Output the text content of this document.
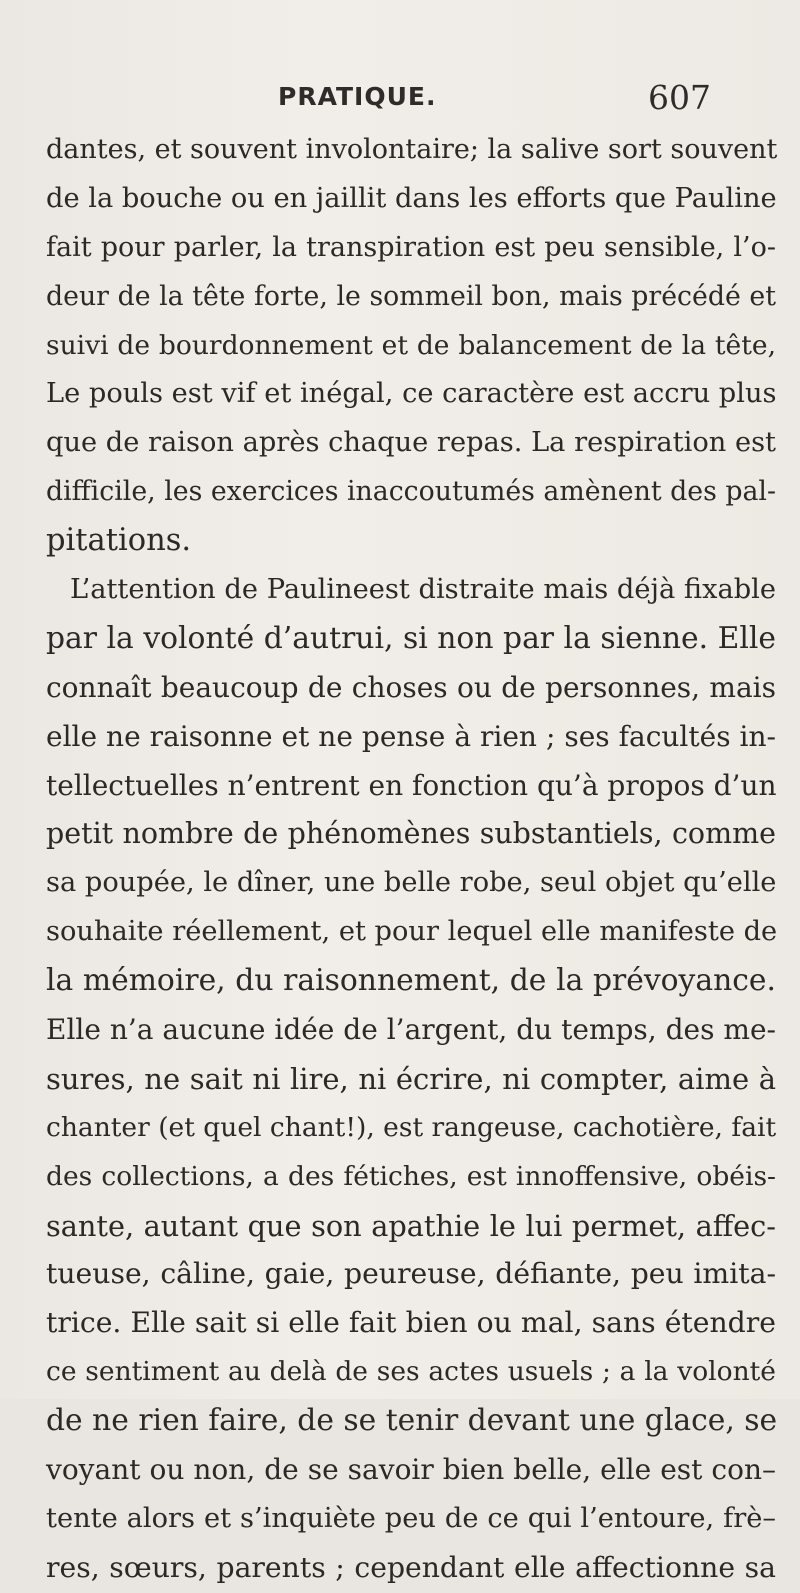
PRATIQUE.	607
dantes, et souvent involontaire; la salive sort souvent
de la bouche ou en jaillit dans les efforts que Pauline
fait pour parler, la transpiration est peu sensible, l’o-
deur de la tête forte, le sommeil bon, mais précédé et
suivi de bourdonnement et de balancement de la tête,
Le pouls est vif et inégal, ce caractère est accru plus
que de raison après chaque repas. La respiration est
difficile, les exercices inaccoutumés amènent des pal-
pitations.
L’attention de Paulineest distraite mais déjà fixable
par la volonté d’autrui, si non par la sienne. Elle
connaît beaucoup de choses ou de personnes, mais
elle ne raisonne et ne pense à rien ; ses facultés in-
tellectuelles n’entrent en fonction qu’à propos d’un
petit nombre de phénomènes substantiels, comme
sa poupée, le dîner, une belle robe, seul objet qu’elle
souhaite réellement, et pour lequel elle manifeste de
la mémoire, du raisonnement, de la prévoyance.
Elle n’a aucune idée de l’argent, du temps, des me-
sures, ne sait ni lire, ni écrire, ni compter, aime à
chanter (et quel chant!), est rangeuse, cachotière, fait
des collections, a des fétiches, est innoffensive, obéis-
sante, autant que son apathie le lui permet, affec-
tueuse, câline, gaie, peureuse, défiante, peu imita-
trice. Elle sait si elle fait bien ou mal, sans étendre
ce sentiment au delà de ses actes usuels ; a la volonté
de ne rien faire, de se tenir devant une glace, se
voyant ou non, de se savoir bien belle, elle est con–
tente alors et s’inquiète peu de ce qui l’entoure, frè–
res, sœurs, parents ; cependant elle affectionne sa
